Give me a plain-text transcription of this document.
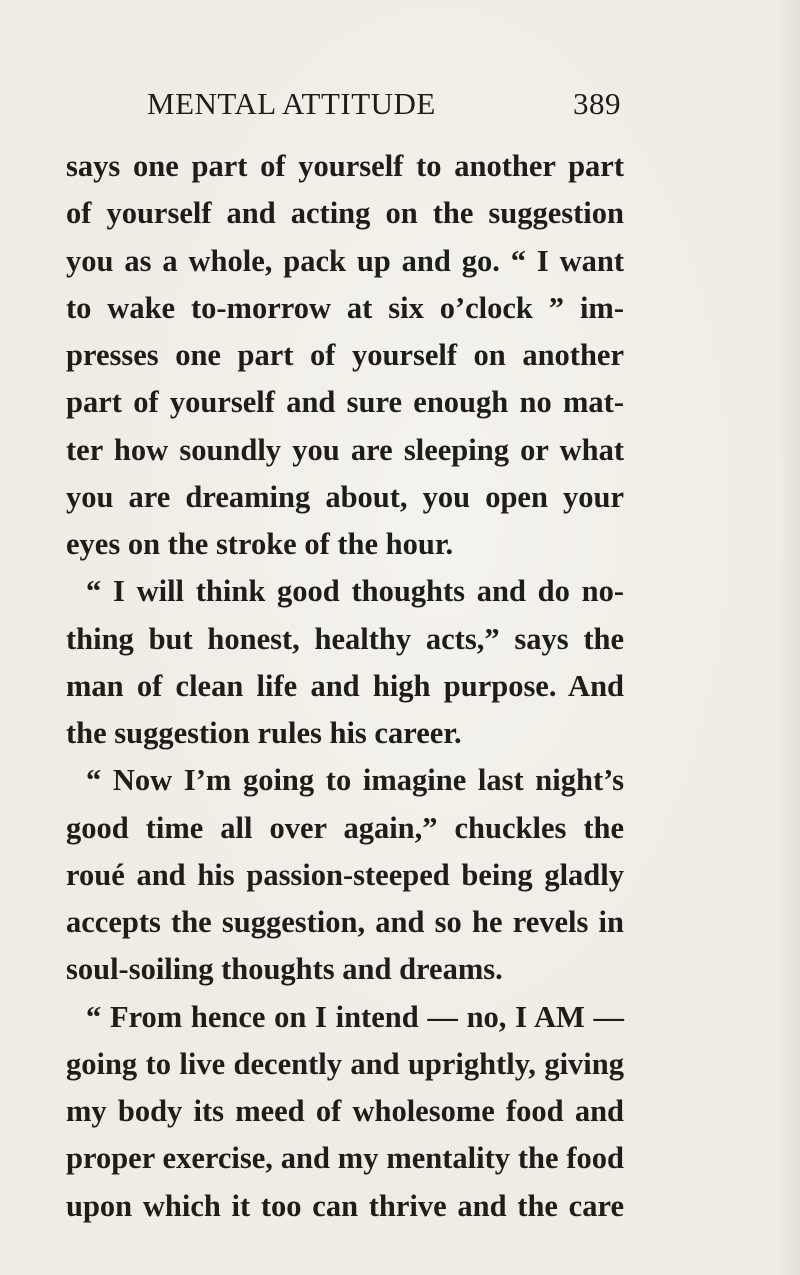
MENTAL ATTITUDE	389
says one part of yourself to another part
of yourself and acting on the suggestion
you as a whole, pack up and go. “ I want
to wake to-morrow at six o’clock ” im-
presses one part of yourself on another
part of yourself and sure enough no mat-
ter how soundly you are sleeping or what
you are dreaming about, you open your
eyes on the stroke of the hour.
“ I will think good thoughts and do no-
thing but honest, healthy acts,” says the
man of clean life and high purpose. And
the suggestion rules his career.
“ Now I’m going to imagine last night’s
good time all over again,” chuckles the
roué and his passion-steeped being gladly
accepts the suggestion, and so he revels in
soul-soiling thoughts and dreams.
“ From hence on I intend — no, I AM —
going to live decently and uprightly, giving
my body its meed of wholesome food and
proper exercise, and my mentality the food
upon which it too can thrive and the care
